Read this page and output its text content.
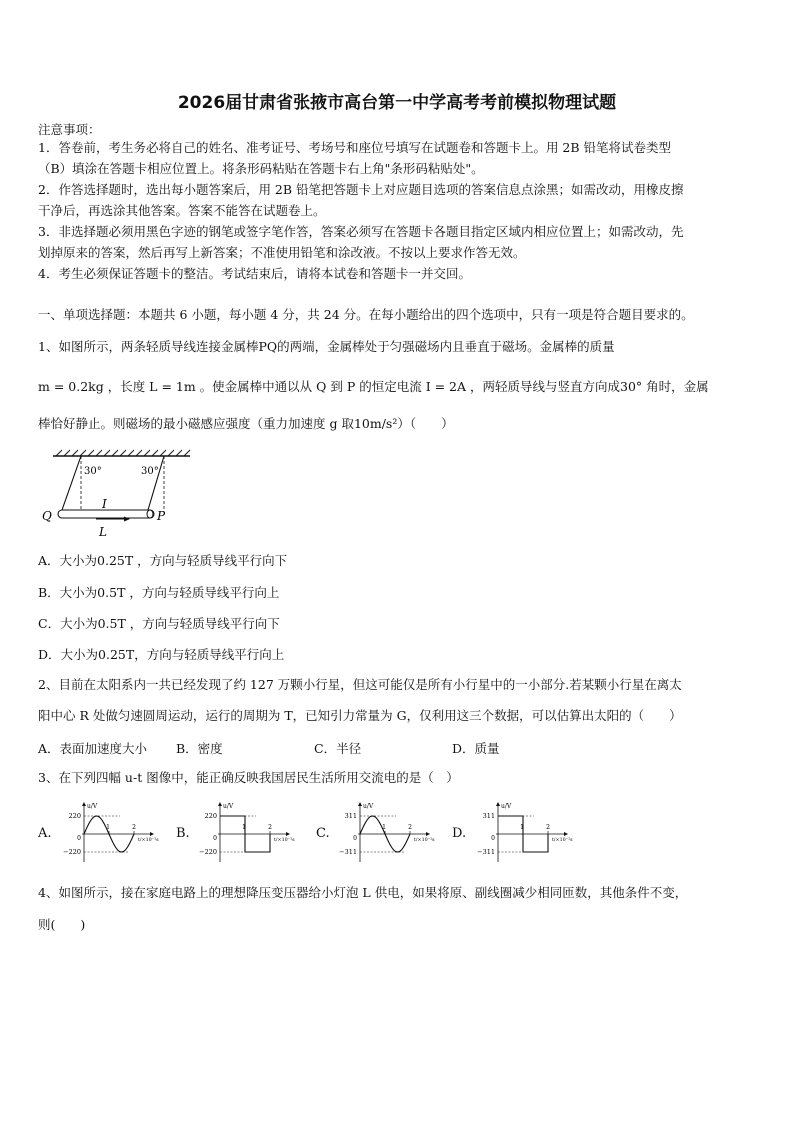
2026届甘肃省张掖市高台第一中学高考考前模拟物理试题
注意事项：
1．答卷前，考生务必将自己的姓名、准考证号、考场号和座位号填写在试题卷和答题卡上。用 2B 铅笔将试卷类型
（B）填涂在答题卡相应位置上。将条形码粘贴在答题卡右上角"条形码粘贴处"。
2．作答选择题时，选出每小题答案后，用 2B 铅笔把答题卡上对应题目选项的答案信息点涂黑；如需改动，用橡皮擦
干净后，再选涂其他答案。答案不能答在试题卷上。
3．非选择题必须用黑色字迹的钢笔或签字笔作答，答案必须写在答题卡各题目指定区域内相应位置上；如需改动，先
划掉原来的答案，然后再写上新答案；不准使用铅笔和涂改液。不按以上要求作答无效。
4．考生必须保证答题卡的整洁。考试结束后，请将本试卷和答题卡一并交回。
一、单项选择题：本题共 6 小题，每小题 4 分，共 24 分。在每小题给出的四个选项中，只有一项是符合题目要求的。
1、如图所示，两条轻质导线连接金属棒PQ的两端，金属棒处于匀强磁场内且垂直于磁场。金属棒的质量
m = 0.2kg ，长度 L = 1m 。使金属棒中通以从 Q 到 P 的恒定电流 I = 2A ，两轻质导线与竖直方向成30° 角时，金属
棒恰好静止。则磁场的最小磁感应强度（重力加速度 g 取10m/s²）（　　）
30°	30°
I
L
Q	P
A．大小为0.25T ，方向与轻质导线平行向下
B．大小为0.5T ，方向与轻质导线平行向上
C．大小为0.5T ，方向与轻质导线平行向下
D．大小为0.25T，方向与轻质导线平行向上
2、目前在太阳系内一共已经发现了约 127 万颗小行星，但这可能仅是所有小行星中的一小部分.若某颗小行星在离太
阳中心 R 处做匀速圆周运动，运行的周期为 T，已知引力常量为 G，仅利用这三个数据，可以估算出太阳的（　　）
A．表面加速度大小 B．密度	C．半径	D．质量
3、在下列四幅 u-t 图像中，能正确反映我国居民生活所用交流电的是（　）
A.
u/V
220
−220
0
1	2
t/×10⁻²s B.
u/V
220
−220
0
1	2
t/×10⁻²s C.
u/V
311
−311
0
1	2
t/×10⁻²s D.
u/V
311
−311
0
1	2
t/×10⁻²s
4、如图所示，接在家庭电路上的理想降压变压器给小灯泡 L 供电，如果将原、副线圈减少相同匝数，其他条件不变，
则(　　)
